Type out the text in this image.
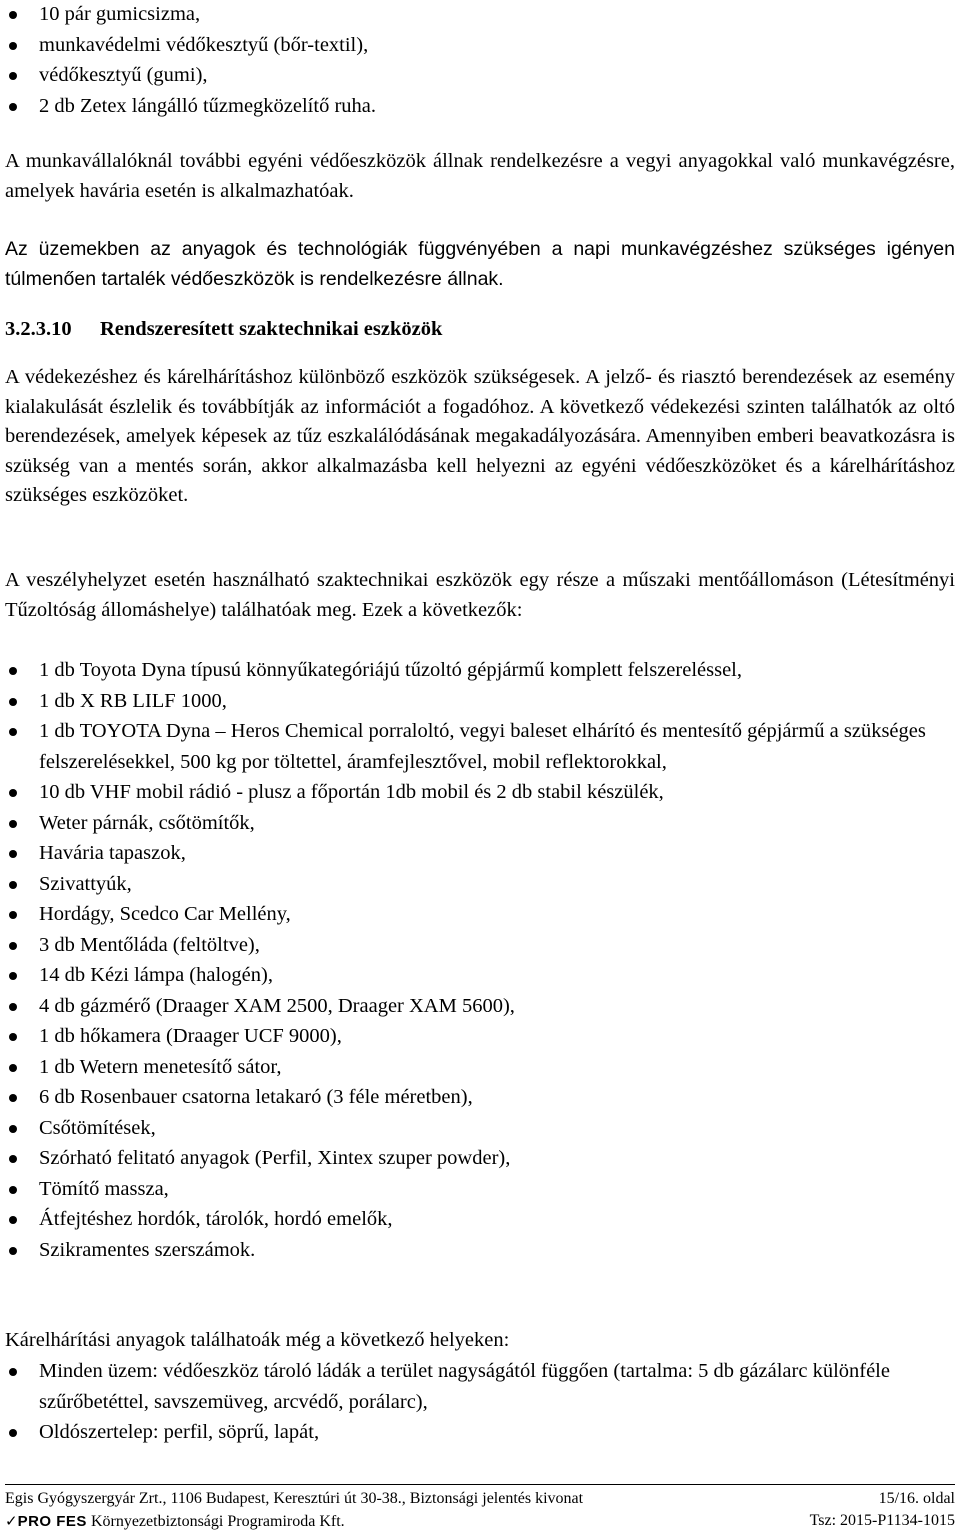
10 pár gumicsizma,
munkavédelmi védőkesztyű (bőr-textil),
védőkesztyű (gumi),
2 db Zetex lángálló tűzmegközelítő ruha.

A munkavállalóknál további egyéni védőeszközök állnak rendelkezésre a vegyi anyagokkal való munkavégzésre, amelyek havária esetén is alkalmazhatóak.

Az üzemekben az anyagok és technológiák függvényében a napi munkavégzéshez szükséges igényen túlmenően tartalék védőeszközök is rendelkezésre állnak.

3.2.3.10 Rendszeresített szaktechnikai eszközök

A védekezéshez és kárelhárításhoz különböző eszközök szükségesek. A jelző- és riasztó berendezések az esemény kialakulását észlelik és továbbítják az információt a fogadóhoz. A következő védekezési szinten találhatók az oltó berendezések, amelyek képesek az tűz eszkalálódásának megakadályozására. Amennyiben emberi beavatkozásra is szükség van a mentés során, akkor alkalmazásba kell helyezni az egyéni védőeszközöket és a kárelhárításhoz szükséges eszközöket.

A veszélyhelyzet esetén használható szaktechnikai eszközök egy része a műszaki mentőállomáson (Létesítményi Tűzoltóság állomáshelye) találhatóak meg. Ezek a következők:

1 db Toyota Dyna típusú könnyűkategóriájú tűzoltó gépjármű komplett felszereléssel,
1 db X RB LILF 1000,
1 db TOYOTA Dyna – Heros Chemical porraloltó, vegyi baleset elhárító és mentesítő gépjármű a szükséges felszerelésekkel, 500 kg por töltettel, áramfejlesztővel, mobil reflektorokkal,
10 db VHF mobil rádió - plusz a főportán 1db mobil és 2 db stabil készülék,
Weter párnák, csőtömítők,
Havária tapaszok,
Szivattyúk,
Hordágy, Scedco Car Mellény,
3 db Mentőláda (feltöltve),
14 db Kézi lámpa (halogén),
4 db gázmérő (Draager XAM 2500, Draager XAM 5600),
1 db hőkamera (Draager UCF 9000),
1 db Wetern menetesítő sátor,
6 db Rosenbauer csatorna letakaró (3 féle méretben),
Csőtömítések,
Szórható felitató anyagok (Perfil, Xintex szuper powder),
Tömítő massza,
Átfejtéshez hordók, tárolók, hordó emelők,
Szikramentes szerszámok.

Kárelhárítási anyagok találhatoák még a következő helyeken:

Minden üzem: védőeszköz tároló ládák a terület nagyságától függően (tartalma: 5 db gázálarc különféle szűrőbetéttel, savszemüveg, arcvédő, porálarc),
Oldószertelep: perfil, söprű, lapát,
Egis Gyógyszergyár Zrt., 1106 Budapest, Keresztúri út 30-38., Biztonsági jelentés kivonat	15/16. oldal
✓PRO FES Környezetbiztonsági Programiroda Kft.	Tsz: 2015-P1134-1015
